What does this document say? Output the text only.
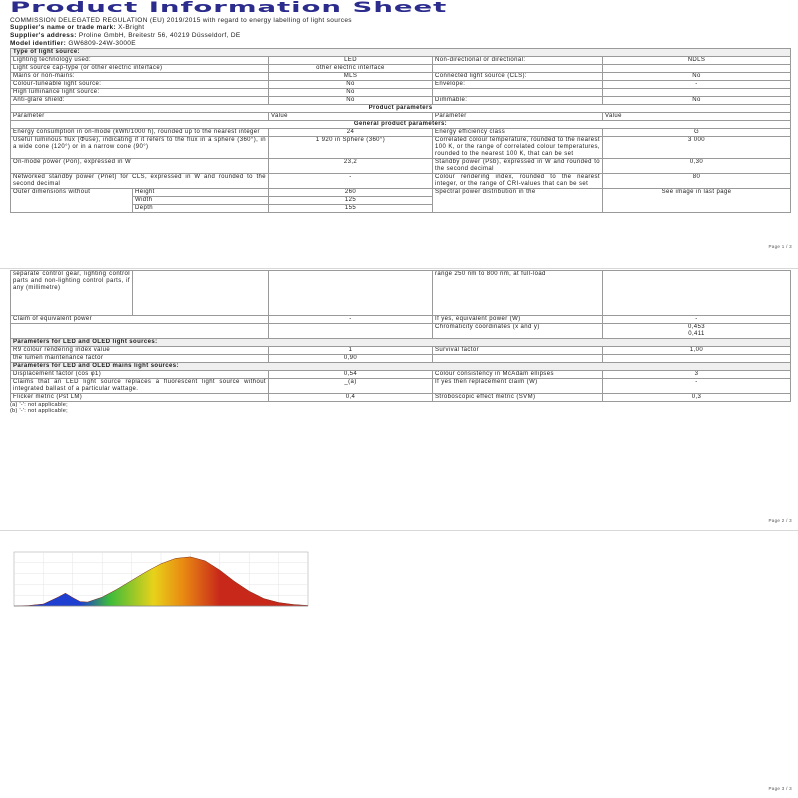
Product Information Sheet
COMMISSION DELEGATED REGULATION (EU) 2019/2015 with regard to energy labelling of light sources
Supplier's name or trade mark: X-Bright
Supplier's address: Proline GmbH, Breitestr 56, 40219 Düsseldorf, DE
Model identifier: GW6809-24W-3000E
Type of light source:				
Lighting technology used:		LED	Non-directional or directional:	NDLS
Light source cap-type (or other electric interface)		other electric interface		
Mains or non-mains:		MLS	Connected light source (CLS):	No
Colour-tuneable light source:		No	Envelope:	-
High luminance light source:		No		
Anti-glare shield:		No	Dimmable:	No
Product parameters				
Parameter		Value	Parameter	Value
General product parameters:				
Energy consumption in on-mode (kWh/1000 h), rounded up to the nearest integer		24	Energy efficiency class	G
Useful luminous flux (Φuse), indicating if it refers to the flux in a sphere (360°), in a wide cone (120°) or in a narrow cone (90°)		1 920 in Sphere (360°)	Correlated colour temperature, rounded to the nearest 100 K, or the range of correlated colour temperatures, rounded to the nearest 100 K, that can be set	3 000
On-mode power (Pon), expressed in W		23,2	Standby power (Psb), expressed in W and rounded to the second decimal	0,30
Networked standby power (Pnet) for CLS, expressed in W and rounded to the second decimal		-	Colour rendering index, rounded to the nearest integer, or the range of CRI-values that can be set	80
Outer dimensions without	Height	260	Spectral power distribution in the	See image in last page
	Width	125		
	Depth	155		
Page 1 / 3
separate control gear, lighting control parts and non-lighting control parts, if any (millimetre)			range 250 nm to 800 nm, at full-load	
Claim of equivalent power		-	If yes, equivalent power (W)	-
			Chromaticity coordinates (x and y)	0,453
0,411
Parameters for LED and OLED light sources:				
R9 colour rendering index value		1	Survival factor	1,00
the lumen maintenance factor		0,90		
Parameters for LED and OLED mains light sources:				
Displacement factor (cos φ1)		0,54	Colour consistency in McAdam ellipses	3
Claims that an LED light source replaces a fluorescent light source without integrated ballast of a particular wattage.		_(a)	If yes then replacement claim (W)	-
Flicker metric (Pst LM)		0,4	Stroboscopic effect metric (SVM)	0,3
(a) '-': not applicable;
(b) '-': not applicable;
Page 2 / 3
Page 3 / 3
